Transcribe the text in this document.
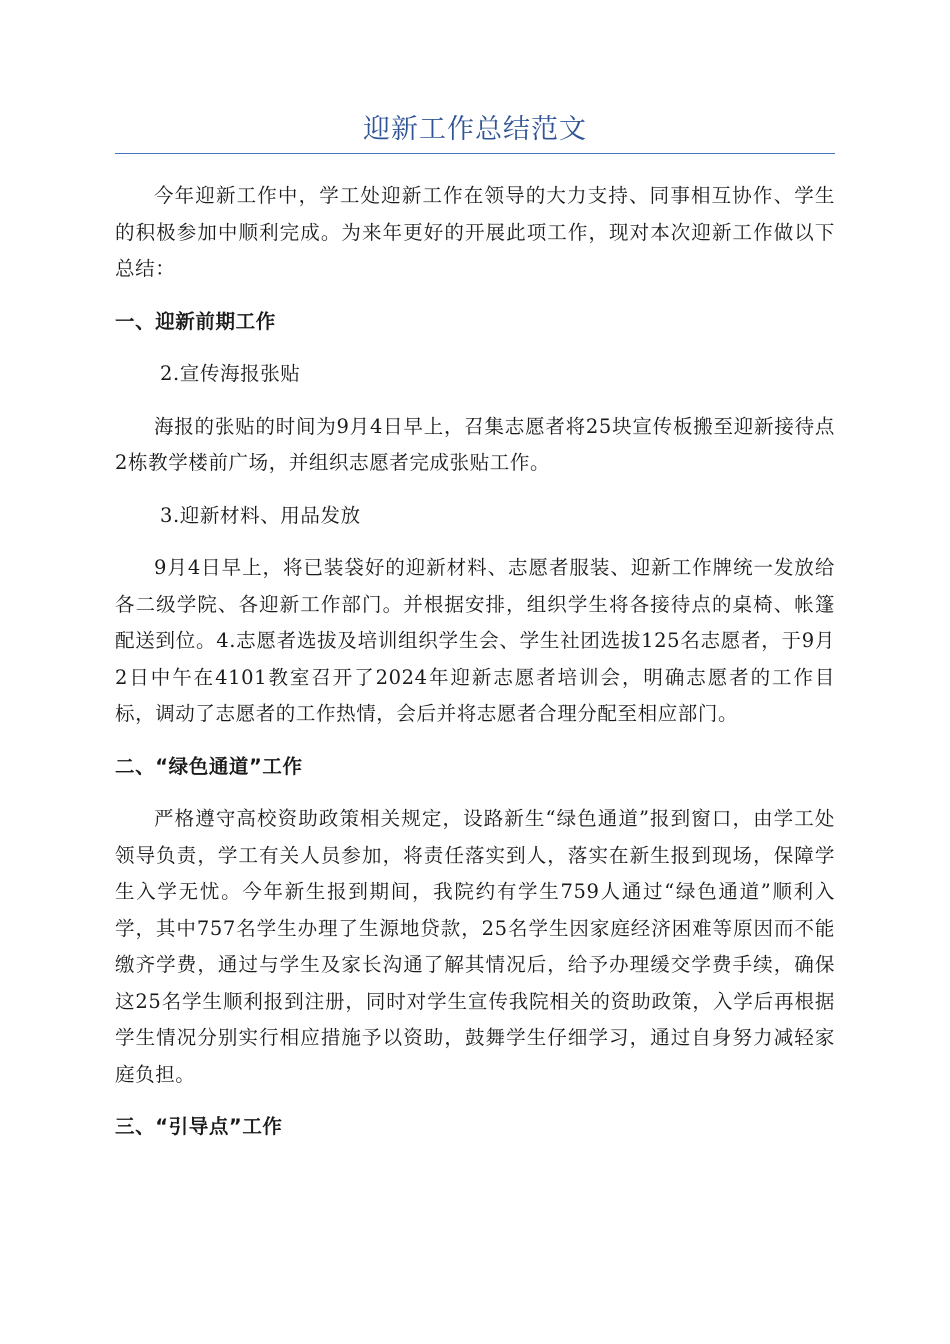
迎新工作总结范文

今年迎新工作中，学工处迎新工作在领导的大力支持、同事相互协作、学生的积极参加中顺利完成。为来年更好的开展此项工作，现对本次迎新工作做以下总结：

一、迎新前期工作

2.宣传海报张贴

海报的张贴的时间为9月4日早上，召集志愿者将25块宣传板搬至迎新接待点2栋教学楼前广场，并组织志愿者完成张贴工作。

3.迎新材料、用品发放

9月4日早上，将已装袋好的迎新材料、志愿者服装、迎新工作牌统一发放给各二级学院、各迎新工作部门。并根据安排，组织学生将各接待点的桌椅、帐篷配送到位。4.志愿者选拔及培训组织学生会、学生社团选拔125名志愿者，于9月2日中午在4101教室召开了2024年迎新志愿者培训会，明确志愿者的工作目标，调动了志愿者的工作热情，会后并将志愿者合理分配至相应部门。

二、“绿色通道”工作

严格遵守高校资助政策相关规定，设路新生“绿色通道”报到窗口，由学工处领导负责，学工有关人员参加，将责任落实到人，落实在新生报到现场，保障学生入学无忧。今年新生报到期间，我院约有学生759人通过“绿色通道”顺利入学，其中757名学生办理了生源地贷款，25名学生因家庭经济困难等原因而不能缴齐学费，通过与学生及家长沟通了解其情况后，给予办理缓交学费手续，确保这25名学生顺利报到注册，同时对学生宣传我院相关的资助政策，入学后再根据学生情况分别实行相应措施予以资助，鼓舞学生仔细学习，通过自身努力减轻家庭负担。

三、“引导点”工作
